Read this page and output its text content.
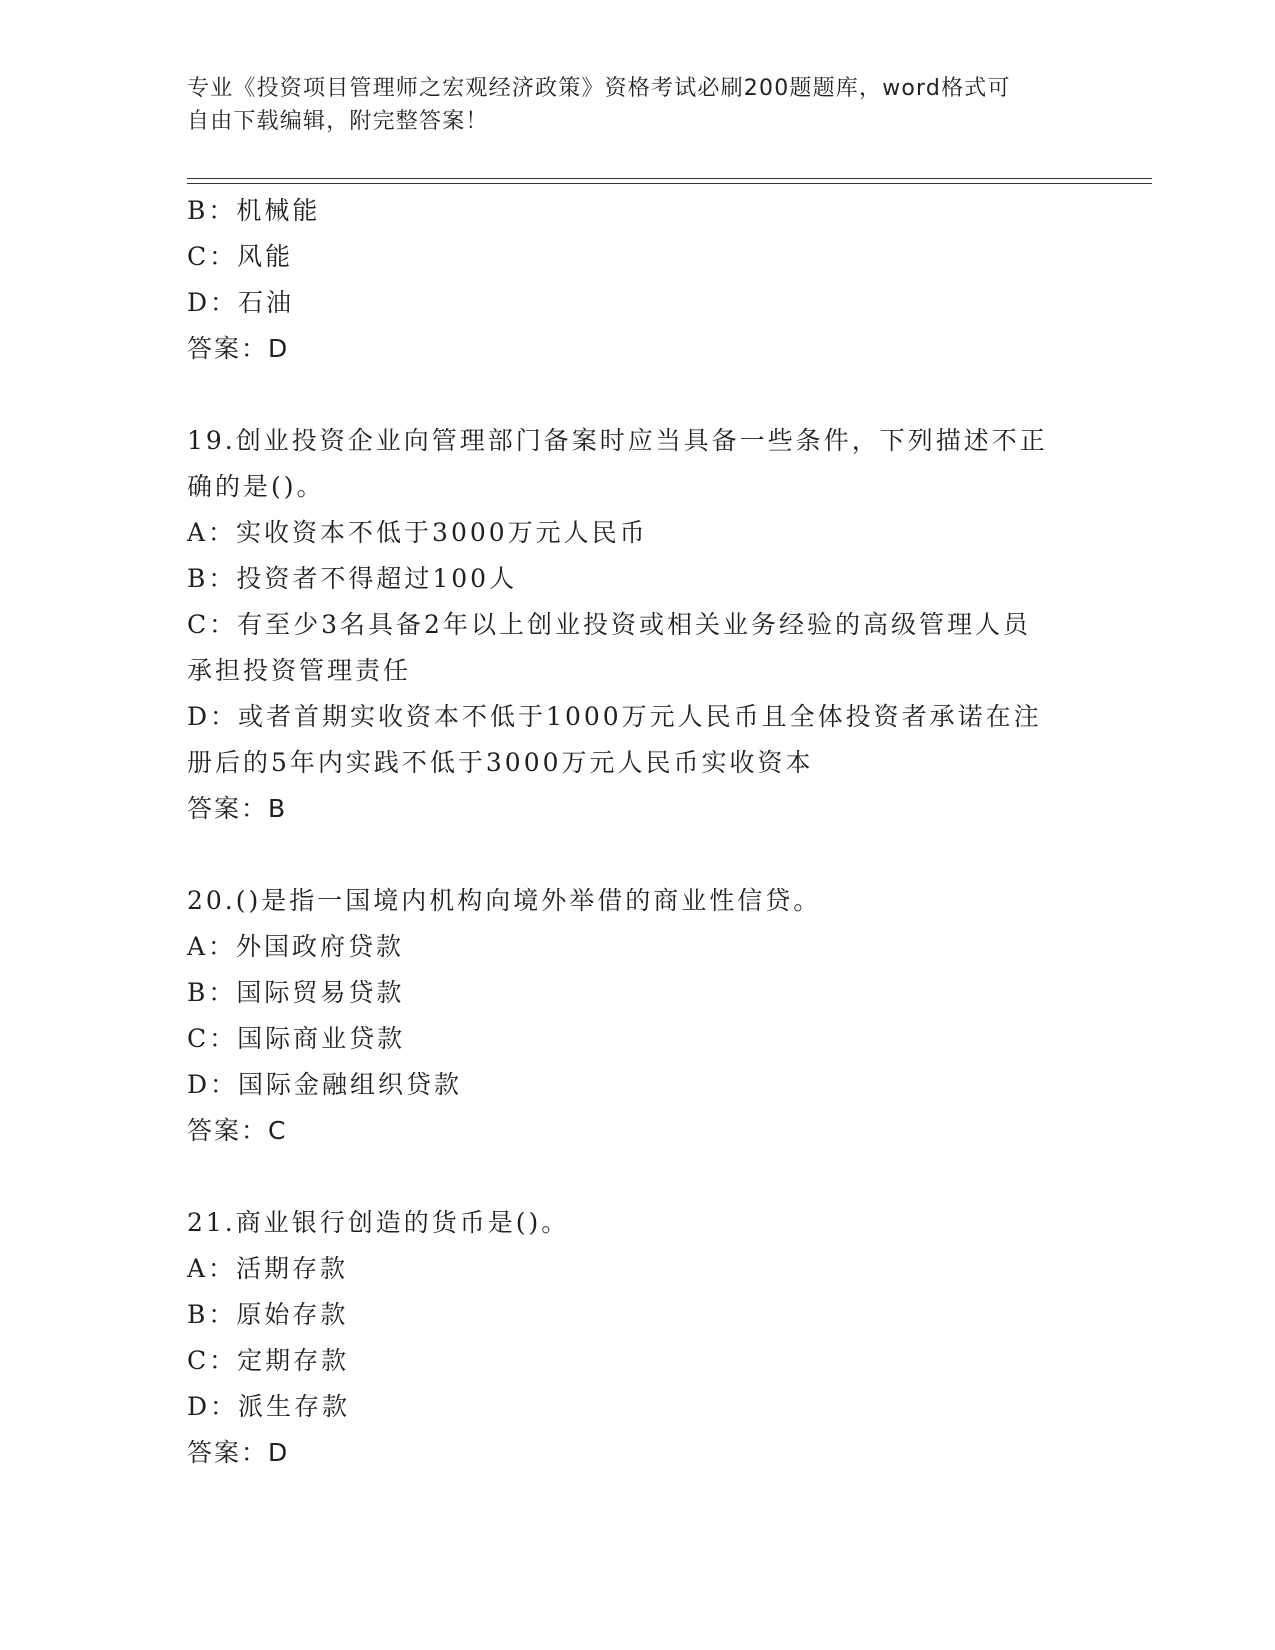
专业《投资项目管理师之宏观经济政策》资格考试必刷200题题库，word格式可
自由下载编辑，附完整答案！
B：机械能
C：风能
D：石油
答案：D
19.创业投资企业向管理部门备案时应当具备一些条件，下列描述不正
确的是()。
A：实收资本不低于3000万元人民币
B：投资者不得超过100人
C：有至少3名具备2年以上创业投资或相关业务经验的高级管理人员
承担投资管理责任
D：或者首期实收资本不低于1000万元人民币且全体投资者承诺在注
册后的5年内实践不低于3000万元人民币实收资本
答案：B
20.()是指一国境内机构向境外举借的商业性信贷。
A：外国政府贷款
B：国际贸易贷款
C：国际商业贷款
D：国际金融组织贷款
答案：C
21.商业银行创造的货币是()。
A：活期存款
B：原始存款
C：定期存款
D：派生存款
答案：D
